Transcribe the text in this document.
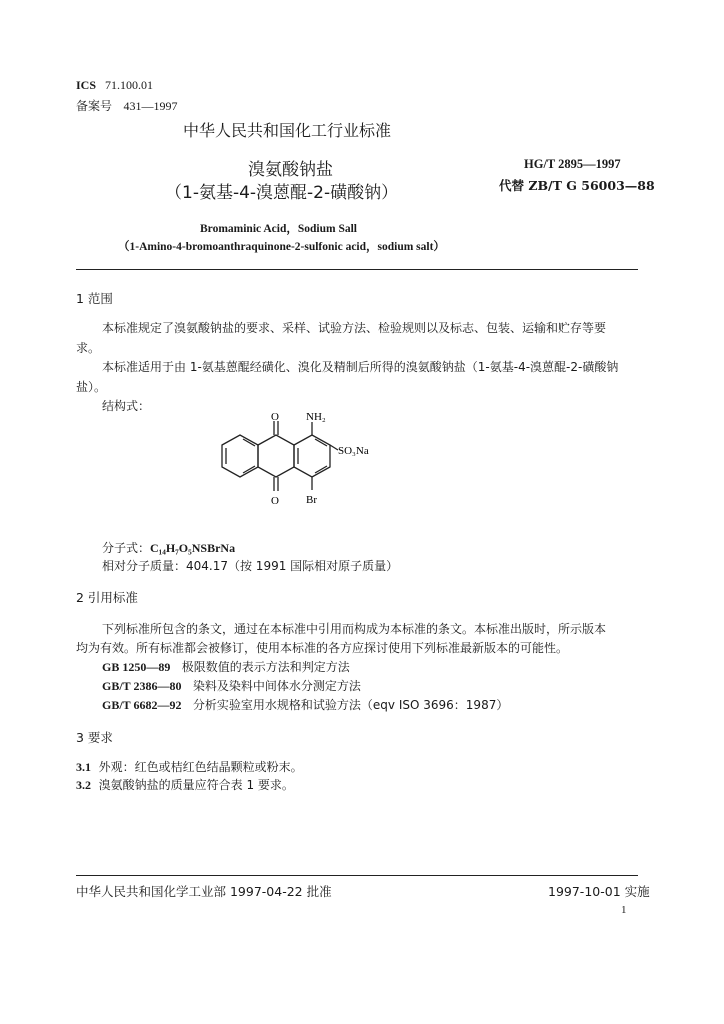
ICS 71.100.01
备案号 431—1997
中华人民共和国化工行业标准
溴氨酸钠盐
（1-氨基-4-溴蒽醌-2-磺酸钠）
HG/T 2895—1997
代替 ZB/T G 56003—88
Bromaminic Acid，Sodium Sall
（1-Amino-4-bromoanthraquinone-2-sulfonic acid，sodium salt）
1 范围
本标准规定了溴氨酸钠盐的要求、采样、试验方法、检验规则以及标志、包装、运输和贮存等要
求。
本标准适用于由 1-氨基蒽醌经磺化、溴化及精制后所得的溴氨酸钠盐（1-氨基-4-溴蒽醌-2-磺酸钠
盐）。
结构式：
O
O
NH₂
SO₃Na
Br
分子式：C₁₄H₇O₅NSBrNa
相对分子质量：404.17（按 1991 国际相对原子质量）
2 引用标准
下列标准所包含的条文，通过在本标准中引用而构成为本标准的条文。本标准出版时，所示版本
均为有效。所有标准都会被修订，使用本标准的各方应探讨使用下列标准最新版本的可能性。
GB 1250—89 极限数值的表示方法和判定方法
GB/T 2386—80 染料及染料中间体水分测定方法
GB/T 6682—92 分析实验室用水规格和试验方法（eqv ISO 3696：1987）
3 要求
3.1 外观：红色或桔红色结晶颗粒或粉末。
3.2 溴氨酸钠盐的质量应符合表 1 要求。
中华人民共和国化学工业部 1997-04-22 批准	1997-10-01 实施
1
